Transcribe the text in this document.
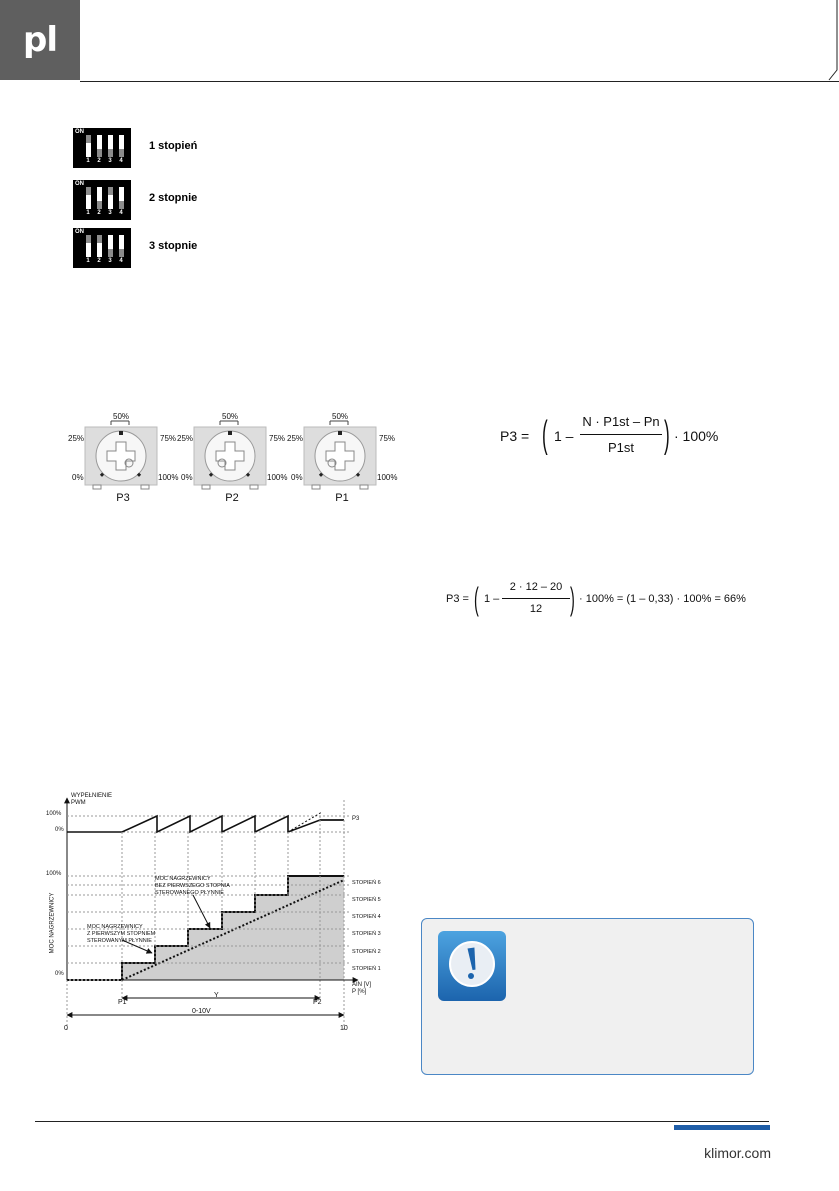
pl
ON
1	2	3	4
1 stopień
ON
1	2	3	4
2 stopnie
ON
1	2	3	4
3 stopnie
50%
25%	75%
0%	100%
P3
50%
25%	75%
0%	100%
P2
50%
25%	75%
0%	100%
P1
P3 = ( 1 –
N · P1st – Pn
P1st ) · 100%
P3 = ( 1 –
2 · 12 – 20
12 ) · 100% = (1 – 0,33) · 100% = 66%
WYPEŁNIENIE
PWM
100%
0%
P3
100%
0%
MOC NAGRZEWNICY
MOC NAGRZEWNICY
BEZ PIERWSZEGO STOPNIA
STEROWANEGO PŁYNNIE
MOC NAGRZEWNICY
Z PIERWSZYM STOPNIEM
STEROWANYM PŁYNNIE
STOPIEŃ 6
STOPIEŃ 5
STOPIEŃ 4
STOPIEŃ 3
STOPIEŃ 2
STOPIEŃ 1
AIN [V]
P [%]
P1
Y
P2
0
0-10V
10
klimor.com
